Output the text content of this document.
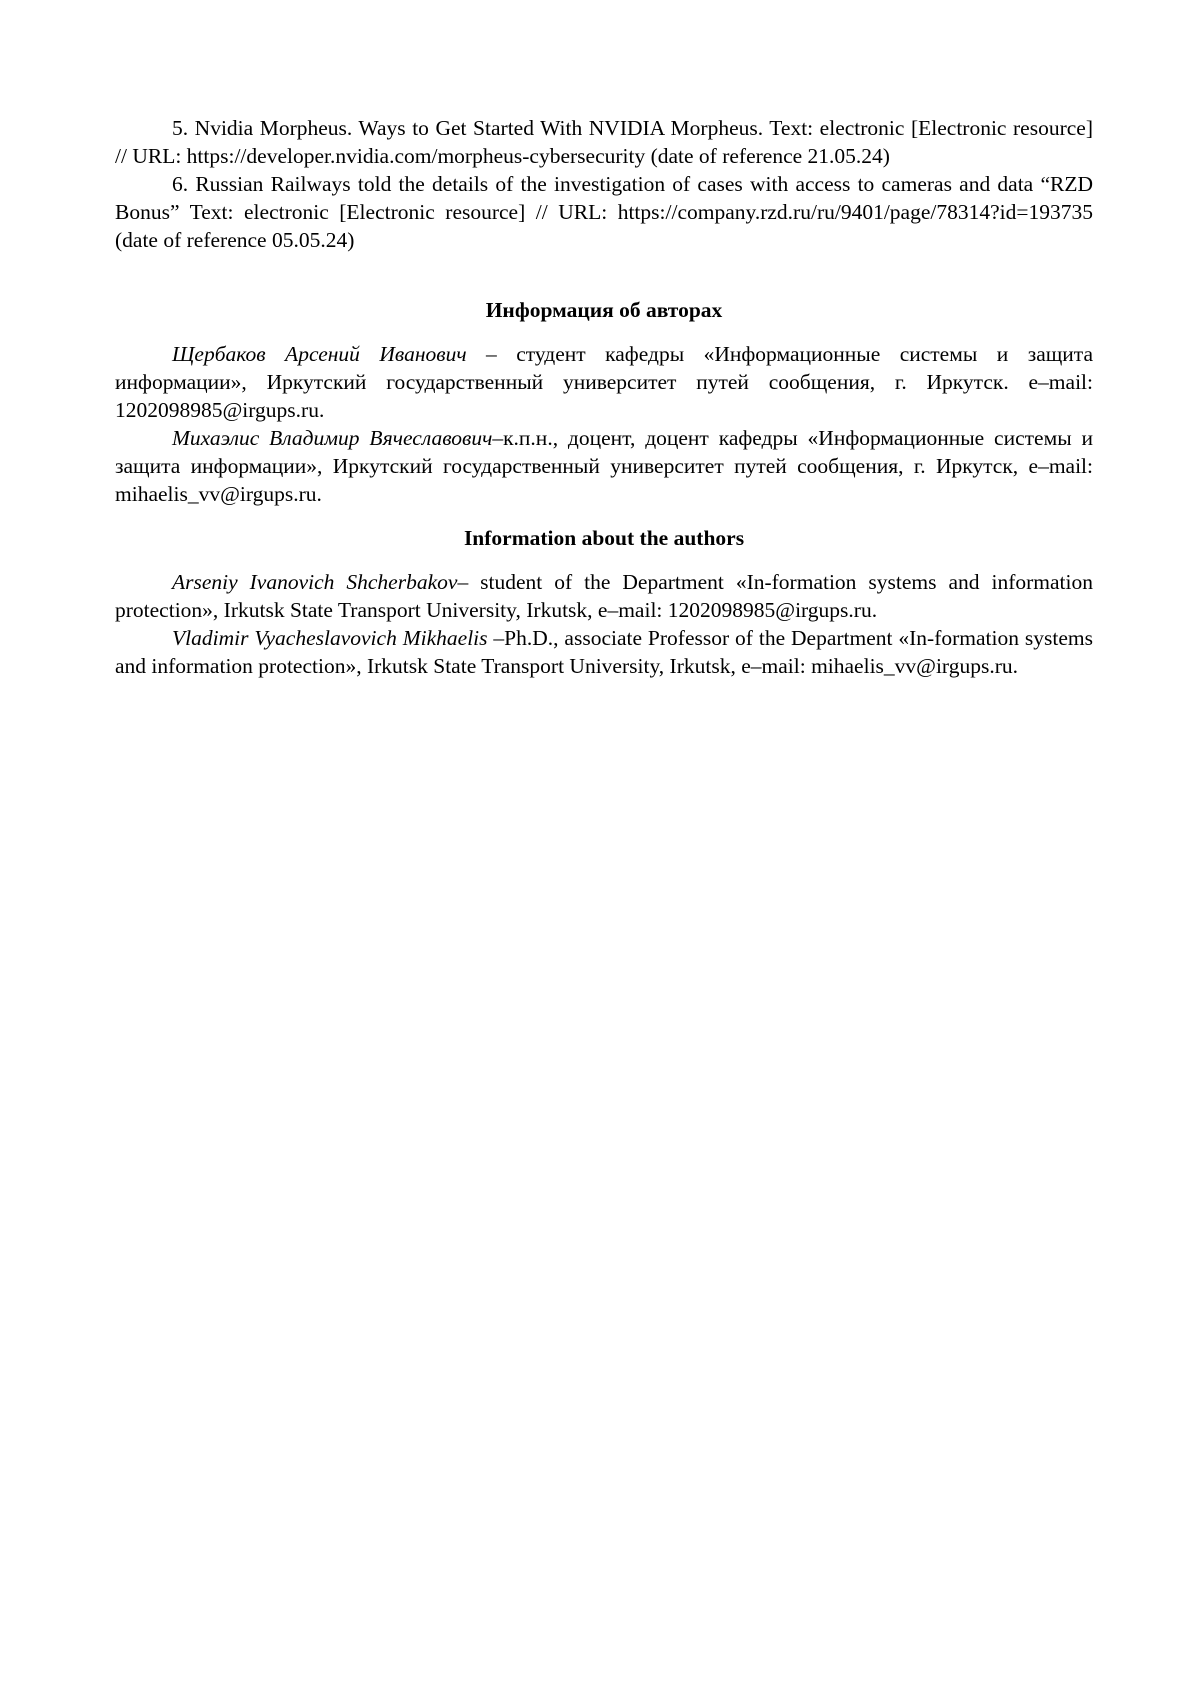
5. Nvidia Morpheus. Ways to Get Started With NVIDIA Morpheus. Text: electronic [Electronic resource] // URL: https://developer.nvidia.com/morpheus-cybersecurity (date of reference 21.05.24)

6. Russian Railways told the details of the investigation of cases with access to cameras and data “RZD Bonus” Text: electronic [Electronic resource] // URL: https://company.rzd.ru/ru/9401/page/78314?id=193735 (date of reference 05.05.24)

Информация об авторах

Щербаков Арсений Иванович – студент кафедры «Информационные системы и защита информации», Иркутский государственный университет путей сообщения, г. Иркутск. e–mail: 1202098985@irgups.ru.

Михаэлис Владимир Вячеславович–к.п.н., доцент, доцент кафедры «Информационные системы и защита информации», Иркутский государственный университет путей сообщения, г. Иркутск, e–mail: mihaelis_vv@irgups.ru.

Information about the authors

Arseniy Ivanovich Shcherbakov– student of the Department «In-formation systems and information protection», Irkutsk State Transport University, Irkutsk, e–mail: 1202098985@irgups.ru.

Vladimir Vyacheslavovich Mikhaelis –Ph.D., associate Professor of the Department «In-formation systems and information protection», Irkutsk State Transport University, Irkutsk, e–mail: mihaelis_vv@irgups.ru.
